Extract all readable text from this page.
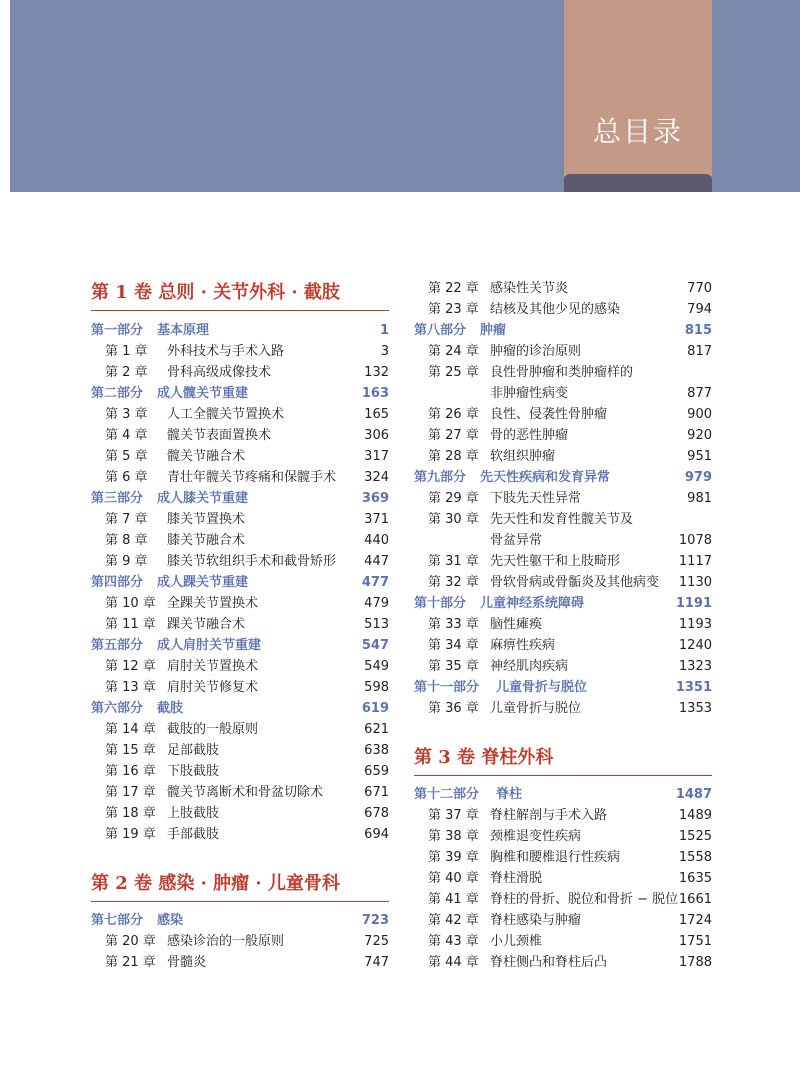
总目录
第 1 卷 总则 · 关节外科 · 截肢
第一部分 基本原理	1
第 1 章 外科技术与手术入路	3
第 2 章 骨科高级成像技术	132
第二部分 成人髋关节重建	163
第 3 章 人工全髋关节置换术	165
第 4 章 髋关节表面置换术	306
第 5 章 髋关节融合术	317
第 6 章 青壮年髋关节疼痛和保髋手术 324
第三部分 成人膝关节重建	369
第 7 章 膝关节置换术	371
第 8 章 膝关节融合术	440
第 9 章 膝关节软组织手术和截骨矫形 447
第四部分 成人踝关节重建	477
第 10 章 全踝关节置换术	479
第 11 章 踝关节融合术	513
第五部分 成人肩肘关节重建	547
第 12 章 肩肘关节置换术	549
第 13 章 肩肘关节修复术	598
第六部分 截肢	619
第 14 章 截肢的一般原则	621
第 15 章 足部截肢	638
第 16 章 下肢截肢	659
第 17 章 髋关节离断术和骨盆切除术	671
第 18 章 上肢截肢	678
第 19 章 手部截肢	694
第 2 卷 感染 · 肿瘤 · 儿童骨科
第七部分 感染	723
第 20 章 感染诊治的一般原则	725
第 21 章 骨髓炎	747
第 22 章 感染性关节炎	770
第 23 章 结核及其他少见的感染	794
第八部分 肿瘤	815
第 24 章 肿瘤的诊治原则	817
第 25 章 良性骨肿瘤和类肿瘤样的
非肿瘤性病变	877
第 26 章 良性、侵袭性骨肿瘤	900
第 27 章 骨的恶性肿瘤	920
第 28 章 软组织肿瘤	951
第九部分 先天性疾病和发育异常	979
第 29 章 下肢先天性异常	981
第 30 章 先天性和发育性髋关节及
骨盆异常	1078
第 31 章 先天性躯干和上肢畸形	1117
第 32 章 骨软骨病或骨骺炎及其他病变 1130
第十部分 儿童神经系统障碍	1191
第 33 章 脑性瘫痪	1193
第 34 章 麻痹性疾病	1240
第 35 章 神经肌肉疾病	1323
第十一部分 儿童骨折与脱位	1351
第 36 章 儿童骨折与脱位	1353
第 3 卷 脊柱外科
第十二部分 脊柱	1487
第 37 章 脊柱解剖与手术入路	1489
第 38 章 颈椎退变性疾病	1525
第 39 章 胸椎和腰椎退行性疾病	1558
第 40 章 脊柱滑脱	1635
第 41 章 脊柱的骨折、脱位和骨折 − 脱位 1661
第 42 章 脊柱感染与肿瘤	1724
第 43 章 小儿颈椎	1751
第 44 章 脊柱侧凸和脊柱后凸	1788
